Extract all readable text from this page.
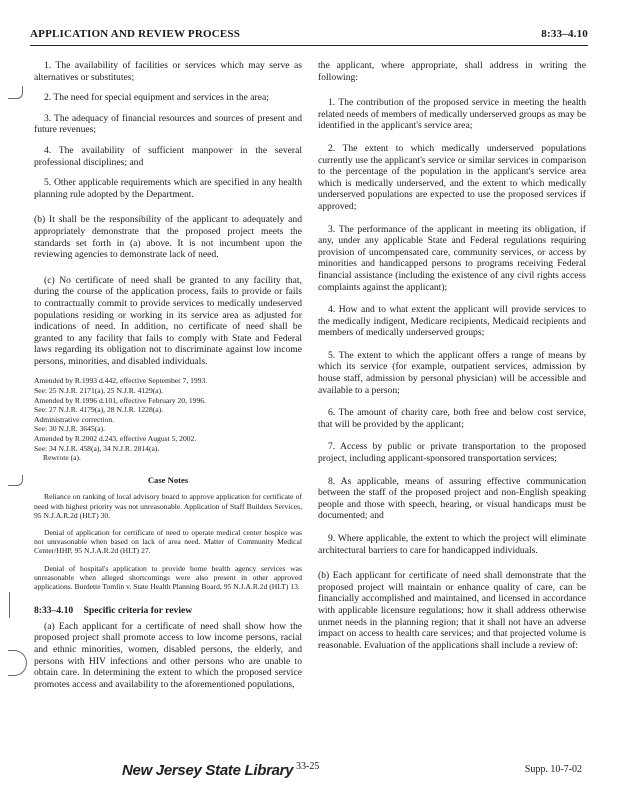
APPLICATION AND REVIEW PROCESS	8:33–4.10

1. The availability of facilities or services which may serve as alternatives or substitutes;

2. The need for special equipment and services in the area;

3. The adequacy of financial resources and sources of present and future revenues;

4. The availability of sufficient manpower in the several professional disciplines; and

5. Other applicable requirements which are specified in any health planning rule adopted by the Department.

(b) It shall be the responsibility of the applicant to adequately and appropriately demonstrate that the proposed project meets the standards set forth in (a) above. It is not incumbent upon the reviewing agencies to demonstrate lack of need.

(c) No certificate of need shall be granted to any facility that, during the course of the application process, fails to provide or fails to contractually commit to provide services to medically undeserved populations residing or working in its service area as adjusted for indications of need. In addition, no certificate of need shall be granted to any facility that fails to comply with State and Federal laws regarding its obligation not to discriminate against low income persons, minorities, and disabled individuals.

Amended by R.1993 d.442, effective September 7, 1993.
See: 25 N.J.R. 2171(a), 25 N.J.R. 4129(a).
Amended by R.1996 d.101, effective February 20, 1996.
See: 27 N.J.R. 4179(a), 28 N.J.R. 1228(a).
Administrative correction.
See: 30 N.J.R. 3645(a).
Amended by R.2002 d.243, effective August 5, 2002.
See: 34 N.J.R. 458(a), 34 N.J.R. 2814(a).
Rewrote (a).
Case Notes

Reliance on ranking of local advisory board to approve application for certificate of need with highest priority was not unreasonable. Application of Staff Builders Services, 95 N.J.A.R.2d (HLT) 30.

Denial of application for certificate of need to operate medical center hospice was not unreasonable when based on lack of area need. Matter of Community Medical Center/HHP, 95 N.J.A.R.2d (HLT) 27.

Denial of hospital's application to provide home health agency services was unreasonable when alleged shortcomings were also present in other approved applications. Burdette Tomlin v. State Health Planning Board, 95 N.J.A.R.2d (HLT) 13.

8:33–4.10 Specific criteria for review

(a) Each applicant for a certificate of need shall show how the proposed project shall promote access to low income persons, racial and ethnic minorities, women, disabled persons, the elderly, and persons with HIV infections and other persons who are unable to obtain care. In determining the extent to which the proposed service promotes access and availability to the aforementioned populations,

the applicant, where appropriate, shall address in writing the following:

1. The contribution of the proposed service in meeting the health related needs of members of medically underserved groups as may be identified in the applicant's service area;

2. The extent to which medically underserved populations currently use the applicant's service or similar services in comparison to the percentage of the population in the applicant's service area which is medically underserved, and the extent to which medically underserved populations are expected to use the proposed services if approved;

3. The performance of the applicant in meeting its obligation, if any, under any applicable State and Federal regulations requiring provision of uncompensated care, community services, or access by minorities and handicapped persons to programs receiving Federal financial assistance (including the existence of any civil rights access complaints against the applicant);

4. How and to what extent the applicant will provide services to the medically indigent, Medicare recipients, Medicaid recipients and members of medically underserved groups;

5. The extent to which the applicant offers a range of means by which its service (for example, outpatient services, admission by house staff, admission by personal physician) will be accessible and available to a person;

6. The amount of charity care, both free and below cost service, that will be provided by the applicant;

7. Access by public or private transportation to the proposed project, including applicant-sponsored transportation services;

8. As applicable, means of assuring effective communication between the staff of the proposed project and non-English speaking people and those with speech, hearing, or visual handicaps must be documented; and

9. Where applicable, the extent to which the project will eliminate architectural barriers to care for handicapped individuals.

(b) Each applicant for certificate of need shall demonstrate that the proposed project will maintain or enhance quality of care, can be financially accomplished and maintained, and licensed in accordance with applicable licensure regulations; how it shall address otherwise unmet needs in the planning region; that it shall not have an adverse impact on access to health care services; and that projected volume is reasonable. Evaluation of the applications shall include a review of:

New Jersey State Library 33-25	Supp. 10-7-02
